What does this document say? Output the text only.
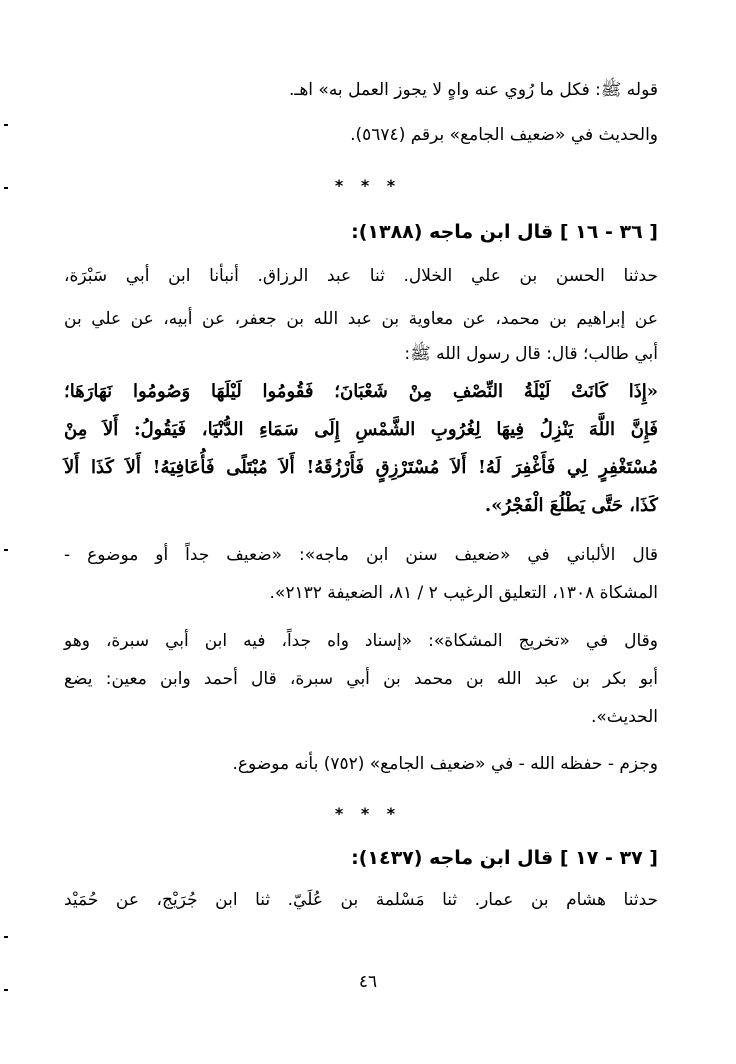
قوله ﷺ: فكل ما رُوي عنه واهٍ لا يجوز العمل به» اهـ.
والحديث في «ضعيف الجامع» برقم (٥٦٧٤).
* * *
[ ٣٦ - ١٦ ] قال ابن ماجه (١٣٨٨):
حدثنا الحسن بن علي الخلال. ثنا عبد الرزاق. أنبأنا ابن أبي سَبْرَة،
عن إبراهيم بن محمد، عن معاوية بن عبد الله بن جعفر، عن أبيه، عن علي بن
أبي طالب؛ قال: قال رسول الله ﷺ:
«إِذَا كَانَتْ لَيْلَةُ النِّصْفِ مِنْ شَعْبَانَ؛ فَقُومُوا لَيْلَهَا وَصُومُوا نَهَارَهَا؛
فَإِنَّ اللَّهَ يَنْزِلُ فِيهَا لِغُرُوبِ الشَّمْسِ إِلَى سَمَاءِ الدُّنْيَا، فَيَقُولُ: أَلاَ مِنْ
مُسْتَغْفِرٍ لِي فَأَغْفِرَ لَهُ! أَلاَ مُسْتَرْزِقٍ فَأَرْزُقَهُ! أَلاَ مُبْتَلًى فَأُعَافِيَهُ! أَلاَ كَذَا أَلاَ
كَذَا، حَتَّى يَطْلُعَ الْفَجْرُ».
قال الألباني في «ضعيف سنن ابن ماجه»: «ضعيف جداً أو موضوع -
المشكاة ١٣٠٨، التعليق الرغيب ٢ / ٨١، الضعيفة ٢١٣٢».
وقال في «تخريج المشكاة»: «إسناد واه جداً، فيه ابن أبي سبرة، وهو
أبو بكر بن عبد الله بن محمد بن أبي سبرة، قال أحمد وابن معين: يضع
الحديث».
وجزم - حفظه الله - في «ضعيف الجامع» (٧٥٢) بأنه موضوع.
* * *
[ ٣٧ - ١٧ ] قال ابن ماجه (١٤٣٧):
حدثنا هشام بن عمار. ثنا مَسْلمة بن عُلَيّ. ثنا ابن جُرَيْج، عن حُمَيْد
٤٦
